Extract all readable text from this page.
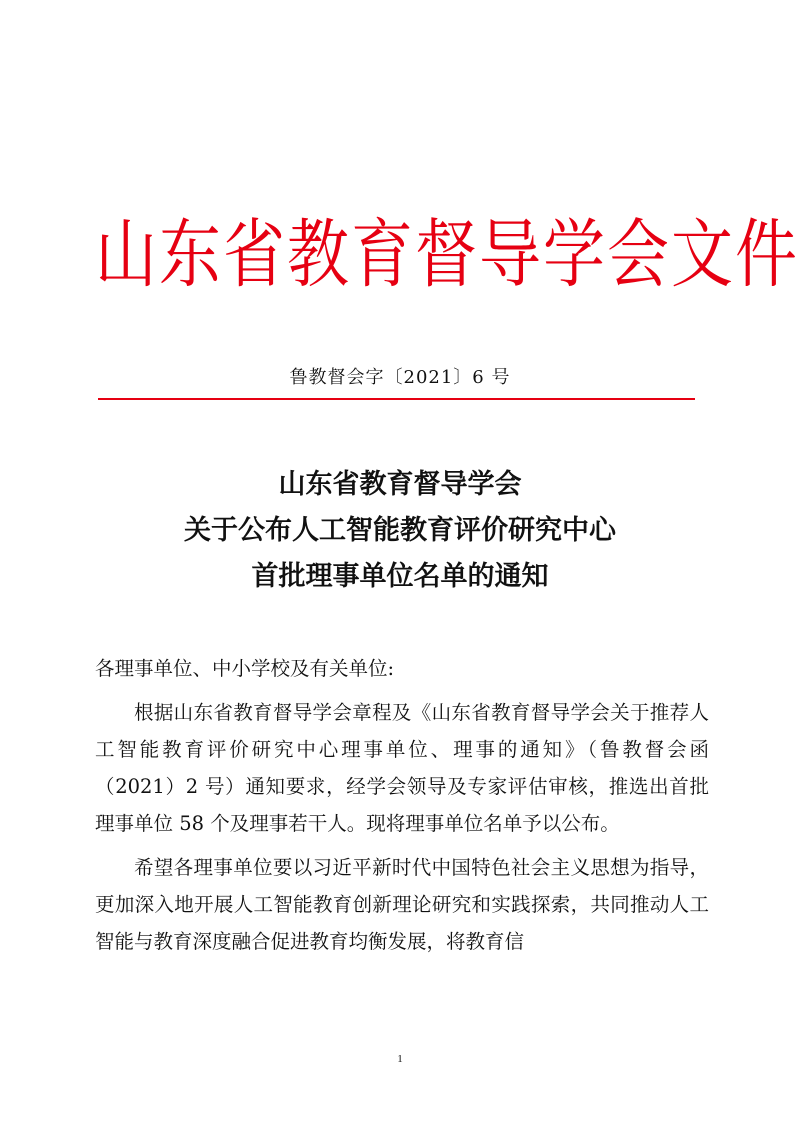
山东省教育督导学会文件
鲁教督会字〔2021〕6 号
山东省教育督导学会
关于公布人工智能教育评价研究中心
首批理事单位名单的通知

各理事单位、中小学校及有关单位:

根据山东省教育督导学会章程及《山东省教育督导学会关于推荐人工智能教育评价研究中心理事单位、理事的通知》（鲁教督会函（2021）2 号）通知要求，经学会领导及专家评估审核，推选出首批理事单位 58 个及理事若干人。现将理事单位名单予以公布。

希望各理事单位要以习近平新时代中国特色社会主义思想为指导，更加深入地开展人工智能教育创新理论研究和实践探索，共同推动人工智能与教育深度融合促进教育均衡发展，将教育信

1
